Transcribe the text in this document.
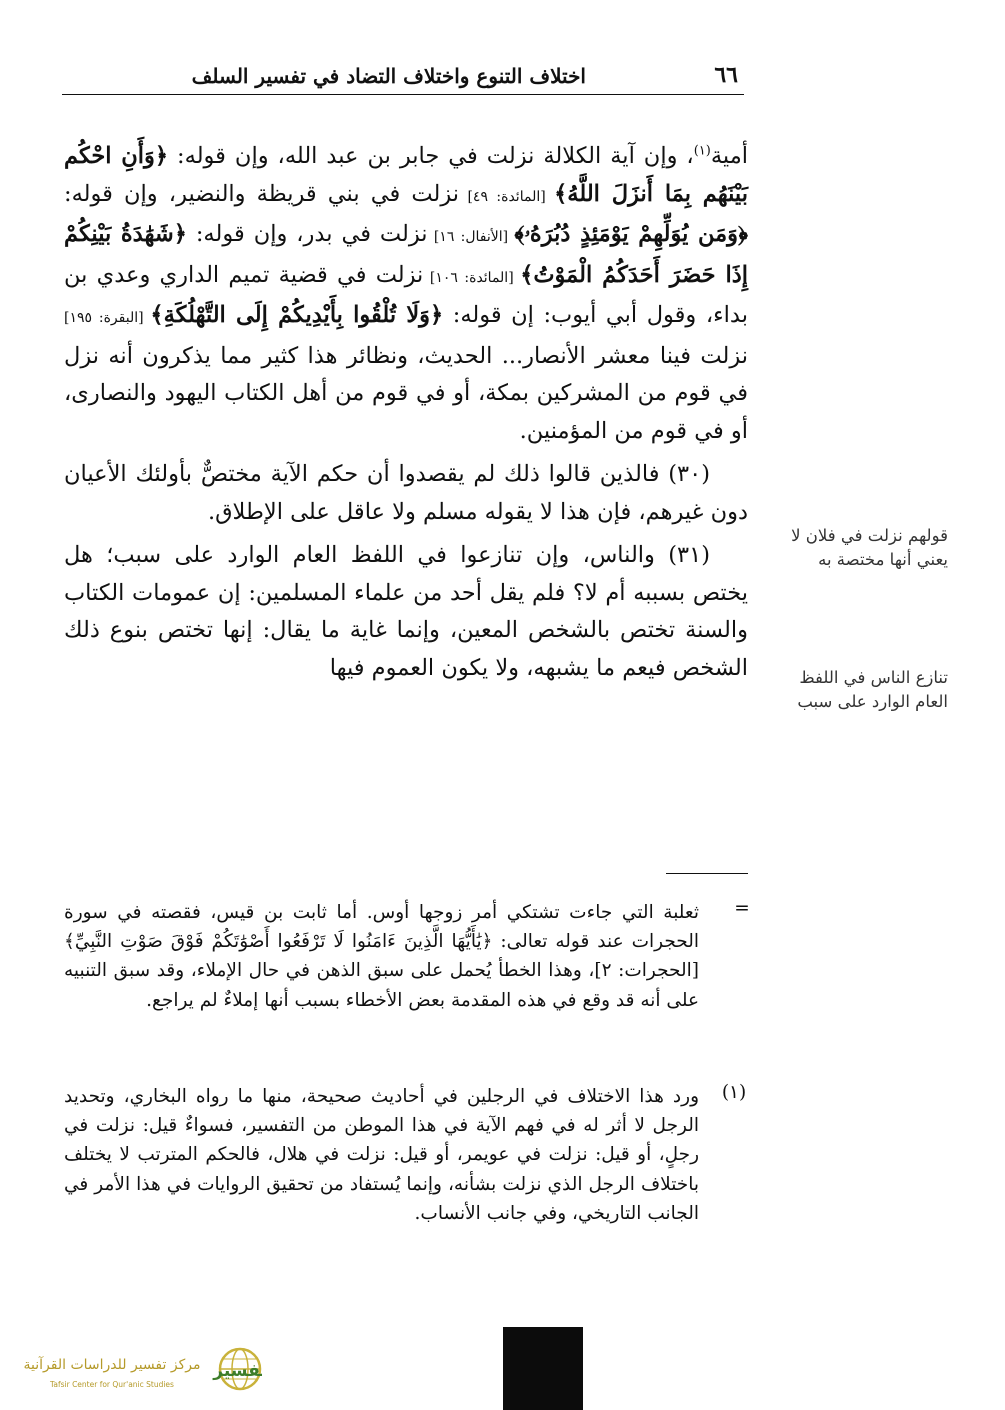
٦٦
اختلاف التنوع واختلاف التضاد في تفسير السلف

أمية$^{(١)}$، وإن آية الكلالة نزلت في جابر بن عبد الله، وإن قوله: ﴿وَأَنِ احْكُم بَيْنَهُم بِمَا أَنزَلَ اللَّهُ﴾ [المائدة: ٤٩] نزلت في بني قريظة والنضير، وإن قوله: ﴿وَمَن يُوَلِّهِمْ يَوْمَئِذٍ دُبُرَهُۥ﴾ [الأنفال: ١٦] نزلت في بدر، وإن قوله: ﴿شَهَٰدَةُ بَيْنِكُمْ إِذَا حَضَرَ أَحَدَكُمُ الْمَوْتُ﴾ [المائدة: ١٠٦] نزلت في قضية تميم الداري وعدي بن بداء، وقول أبي أيوب: إن قوله: ﴿وَلَا تُلْقُوا بِأَيْدِيكُمْ إِلَى التَّهْلُكَةِ﴾ [البقرة: ١٩٥] نزلت فينا معشر الأنصار... الحديث، ونظائر هذا كثير مما يذكرون أنه نزل في قوم من المشركين بمكة، أو في قوم من أهل الكتاب اليهود والنصارى، أو في قوم من المؤمنين.

(٣٠) فالذين قالوا ذلك لم يقصدوا أن حكم الآية مختصٌّ بأولئك الأعيان دون غيرهم، فإن هذا لا يقوله مسلم ولا عاقل على الإطلاق.

(٣١) والناس، وإن تنازعوا في اللفظ العام الوارد على سبب؛ هل يختص بسببه أم لا؟ فلم يقل أحد من علماء المسلمين: إن عمومات الكتاب والسنة تختص بالشخص المعين، وإنما غاية ما يقال: إنها تختص بنوع ذلك الشخص فيعم ما يشبهه، ولا يكون العموم فيها

قولهم نزلت في فلان لا يعني أنها مختصة به
تنازع الناس في اللفظ العام الوارد على سبب
=
ثعلبة التي جاءت تشتكي أمر زوجها أوس. أما ثابت بن قيس، فقصته في سورة الحجرات عند قوله تعالى: ﴿يَٰأَيُّهَا الَّذِينَ ءَامَنُوا لَا تَرْفَعُوا أَصْوَٰتَكُمْ فَوْقَ صَوْتِ النَّبِيِّ﴾ [الحجرات: ٢]، وهذا الخطأ يُحمل على سبق الذهن في حال الإملاء، وقد سبق التنبيه على أنه قد وقع في هذه المقدمة بعض الأخطاء بسبب أنها إملاءٌ لم يراجع.
(١)
ورد هذا الاختلاف في الرجلين في أحاديث صحيحة، منها ما رواه البخاري، وتحديد الرجل لا أثر له في فهم الآية في هذا الموطن من التفسير، فسواءٌ قيل: نزلت في رجلٍ، أو قيل: نزلت في عويمر، أو قيل: نزلت في هلال، فالحكم المترتب لا يختلف باختلاف الرجل الذي نزلت بشأنه، وإنما يُستفاد من تحقيق الروايات في هذا الأمر في الجانب التاريخي، وفي جانب الأنساب.
تفسير
مركز تفسير للدراسات القرآنية
Tafsir Center for Qur'anic Studies
